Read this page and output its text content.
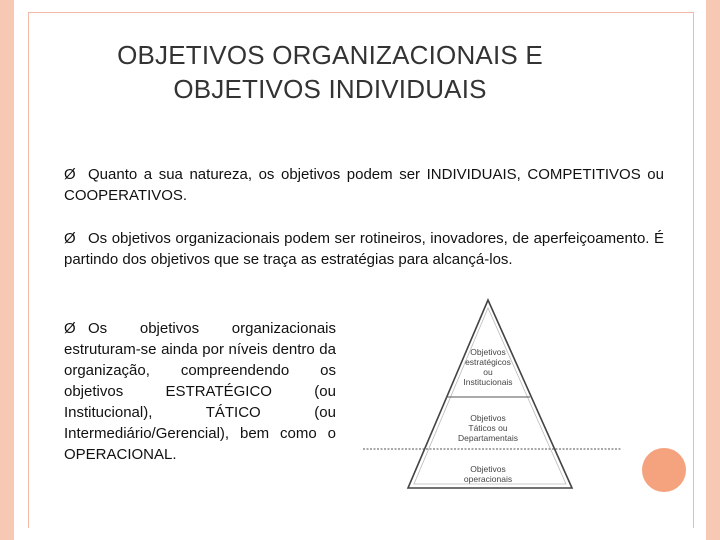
OBJETIVOS ORGANIZACIONAIS E
OBJETIVOS INDIVIDUAIS
Ø Quanto a sua natureza, os objetivos podem ser INDIVIDUAIS, COMPETITIVOS ou COOPERATIVOS.
Ø Os objetivos organizacionais podem ser rotineiros, inovadores, de aperfeiçoamento. É partindo dos objetivos que se traça as estratégias para alcançá-los.
Ø Os objetivos organizacionais estruturam-se ainda por níveis dentro da organização, compreendendo os objetivos ESTRATÉGICO (ou Institucional), TÁTICO (ou Intermediário/Gerencial), bem como o OPERACIONAL.
Objetivos
estratégicos
ou
Institucionais
Objetivos
Táticos ou
Departamentais
Objetivos
operacionais
